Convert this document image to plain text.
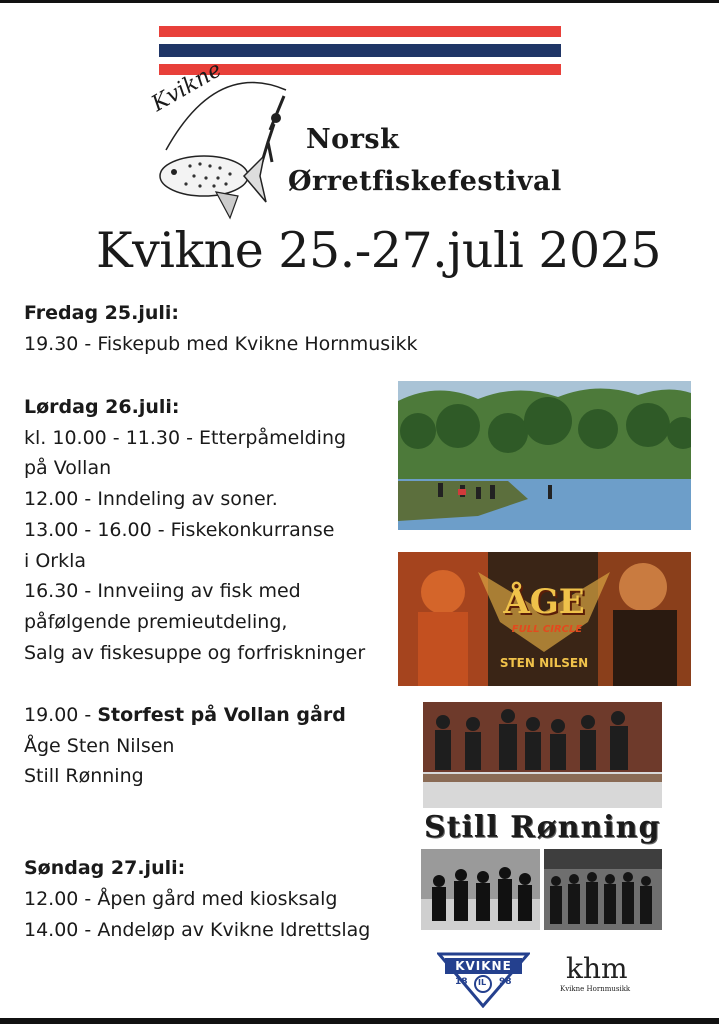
Kvikne
Norsk
Ørretfiskefestival
Kvikne 25.-27.juli 2025
Fredag 25.juli:
19.30 - Fiskepub med Kvikne Hornmusikk
Lørdag 26.juli:
kl. 10.00 - 11.30 - Etterpåmelding
på Vollan
12.00 - Inndeling av soner.
13.00 - 16.00 - Fiskekonkurranse
i Orkla
16.30 - Innveiing av fisk med
påfølgende premieutdeling,
Salg av fiskesuppe og forfriskninger
19.00 - Storfest på Vollan gård
Åge Sten Nilsen
Still Rønning
Søndag 27.juli:
12.00 - Åpen gård med kiosksalg
14.00 - Andeløp av Kvikne Idrettslag
ÅGE
FULL CIRCLE
STEN NILSEN
Still Rønning
KVIKNE
18 IL 98 khm
Kvikne Hornmusikk
